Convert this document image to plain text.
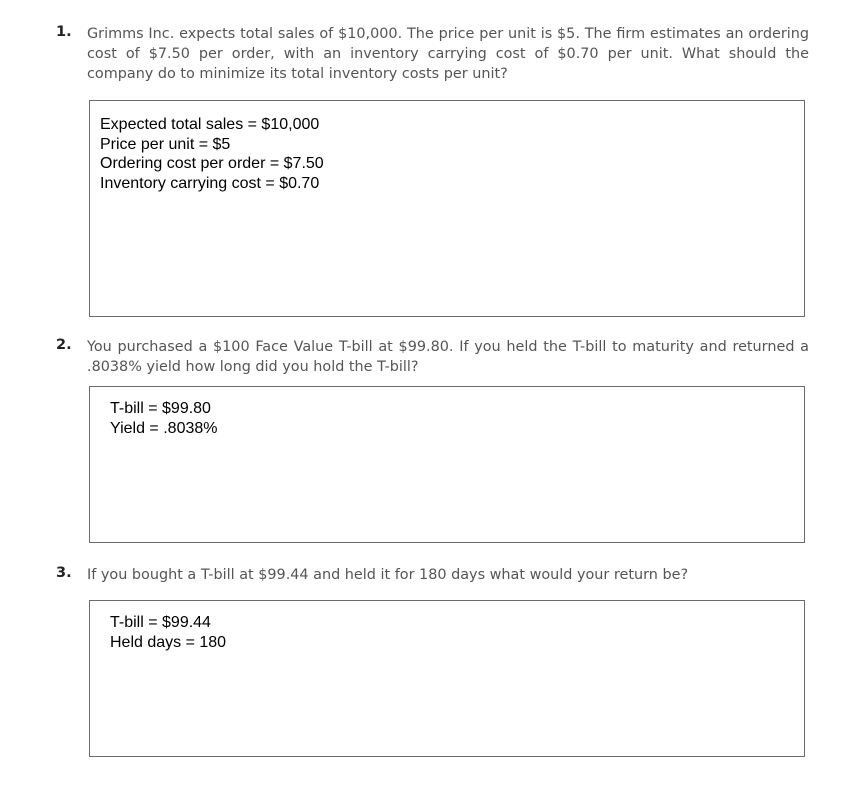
1. Grimms Inc. expects total sales of $10,000. The price per unit is $5. The firm estimates an ordering cost of $7.50 per order, with an inventory carrying cost of $0.70 per unit. What should the company do to minimize its total inventory costs per unit?
Expected total sales = $10,000
Price per unit = $5
Ordering cost per order = $7.50
Inventory carrying cost = $0.70
2. You purchased a $100 Face Value T-bill at $99.80. If you held the T-bill to maturity and returned a .8038% yield how long did you hold the T-bill?
T-bill = $99.80
Yield = .8038%
3. If you bought a T-bill at $99.44 and held it for 180 days what would your return be?
T-bill = $99.44
Held days = 180
